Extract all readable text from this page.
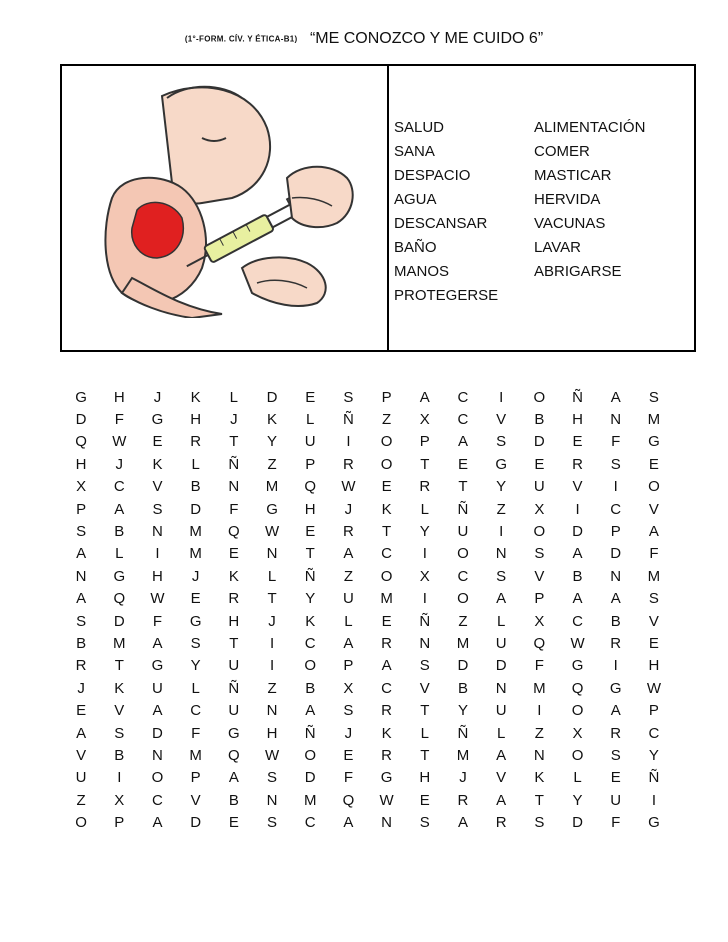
(1°-FORM. CÍV. Y ÉTICA-B1) “ME CONOZCO Y ME CUIDO 6”
SALUD	ALIMENTACIÓN
SANA	COMER
DESPACIO	MASTICAR
AGUA	HERVIDA
DESCANSAR	VACUNAS
BAÑO	LAVAR
MANOS	ABRIGARSE
PROTEGERSE
G	H	J	K	L	D	E	S	P	A	C	I	O	Ñ	A	S
D	F	G	H	J	K	L	Ñ	Z	X	C	V	B	H	N	M
Q	W	E	R	T	Y	U	I	O	P	A	S	D	E	F	G
H	J	K	L	Ñ	Z	P	R	O	T	E	G	E	R	S	E
X	C	V	B	N	M	Q	W	E	R	T	Y	U	V	I	O
P	A	S	D	F	G	H	J	K	L	Ñ	Z	X	I	C	V
S	B	N	M	Q	W	E	R	T	Y	U	I	O	D	P	A
A	L	I	M	E	N	T	A	C	I	O	N	S	A	D	F
N	G	H	J	K	L	Ñ	Z	O	X	C	S	V	B	N	M
A	Q	W	E	R	T	Y	U	M	I	O	A	P	A	A	S
S	D	F	G	H	J	K	L	E	Ñ	Z	L	X	C	B	V
B	M	A	S	T	I	C	A	R	N	M	U	Q	W	R	E
R	T	G	Y	U	I	O	P	A	S	D	D	F	G	I	H
J	K	U	L	Ñ	Z	B	X	C	V	B	N	M	Q	G	W
E	V	A	C	U	N	A	S	R	T	Y	U	I	O	A	P
A	S	D	F	G	H	Ñ	J	K	L	Ñ	L	Z	X	R	C
V	B	N	M	Q	W	O	E	R	T	M	A	N	O	S	Y
U	I	O	P	A	S	D	F	G	H	J	V	K	L	E	Ñ
Z	X	C	V	B	N	M	Q	W	E	R	A	T	Y	U	I
O	P	A	D	E	S	C	A	N	S	A	R	S	D	F	G
